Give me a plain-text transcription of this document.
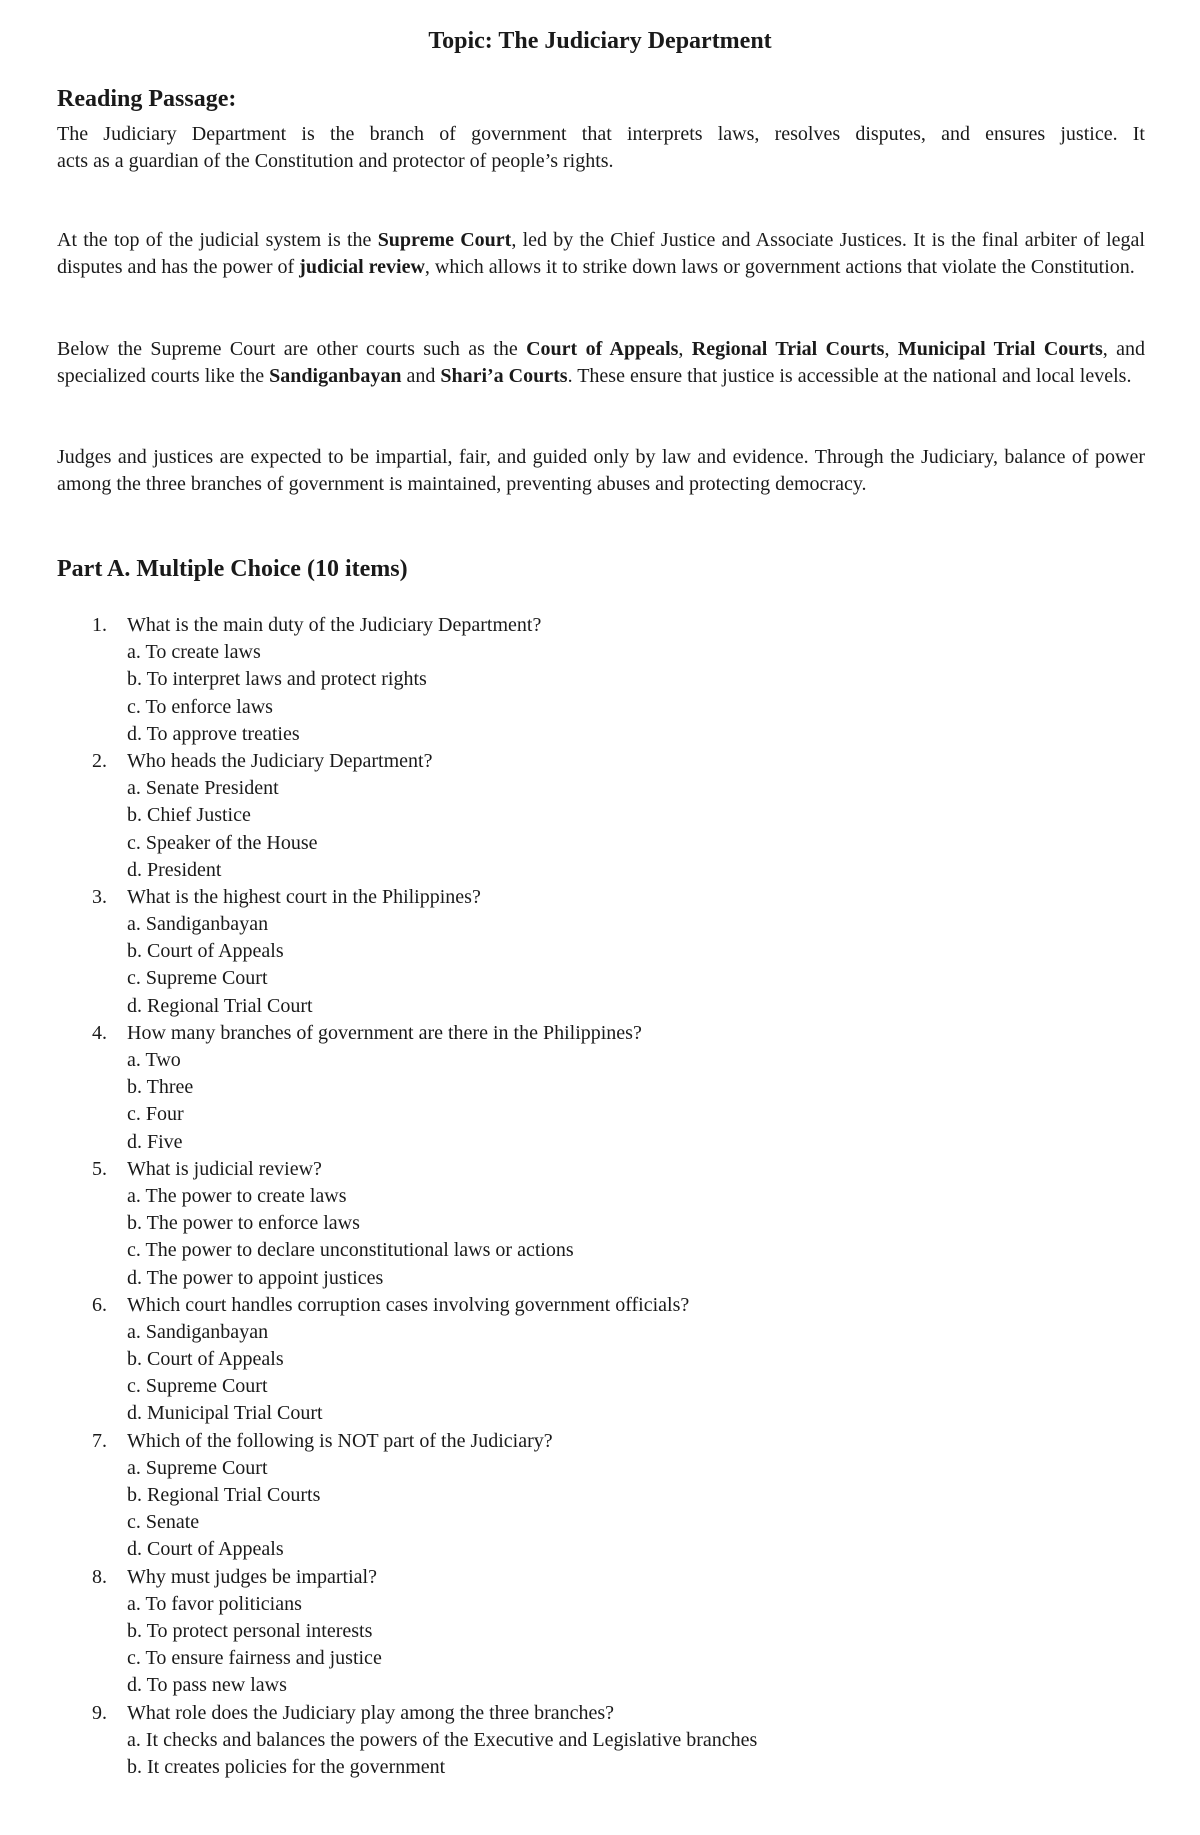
Topic: The Judiciary Department
Reading Passage:
The Judiciary Department is the branch of government that interprets laws, resolves disputes, and ensures justice. It
acts as a guardian of the Constitution and protector of people’s rights.

At the top of the judicial system is the Supreme Court, led by the Chief Justice and Associate Justices. It is the final arbiter of legal disputes and has the power of judicial review, which allows it to strike down laws or government actions that violate the Constitution.

Below the Supreme Court are other courts such as the Court of Appeals, Regional Trial Courts, Municipal Trial Courts, and specialized courts like the Sandiganbayan and Shari’a Courts. These ensure that justice is accessible at the national and local levels.

Judges and justices are expected to be impartial, fair, and guided only by law and evidence. Through the Judiciary, balance of power among the three branches of government is maintained, preventing abuses and protecting democracy.

Part A. Multiple Choice (10 items)
1. What is the main duty of the Judiciary Department?
a. To create laws
b. To interpret laws and protect rights
c. To enforce laws
d. To approve treaties
2. Who heads the Judiciary Department?
a. Senate President
b. Chief Justice
c. Speaker of the House
d. President
3. What is the highest court in the Philippines?
a. Sandiganbayan
b. Court of Appeals
c. Supreme Court
d. Regional Trial Court
4. How many branches of government are there in the Philippines?
a. Two
b. Three
c. Four
d. Five
5. What is judicial review?
a. The power to create laws
b. The power to enforce laws
c. The power to declare unconstitutional laws or actions
d. The power to appoint justices
6. Which court handles corruption cases involving government officials?
a. Sandiganbayan
b. Court of Appeals
c. Supreme Court
d. Municipal Trial Court
7. Which of the following is NOT part of the Judiciary?
a. Supreme Court
b. Regional Trial Courts
c. Senate
d. Court of Appeals
8. Why must judges be impartial?
a. To favor politicians
b. To protect personal interests
c. To ensure fairness and justice
d. To pass new laws
9. What role does the Judiciary play among the three branches?
a. It checks and balances the powers of the Executive and Legislative branches
b. It creates policies for the government
